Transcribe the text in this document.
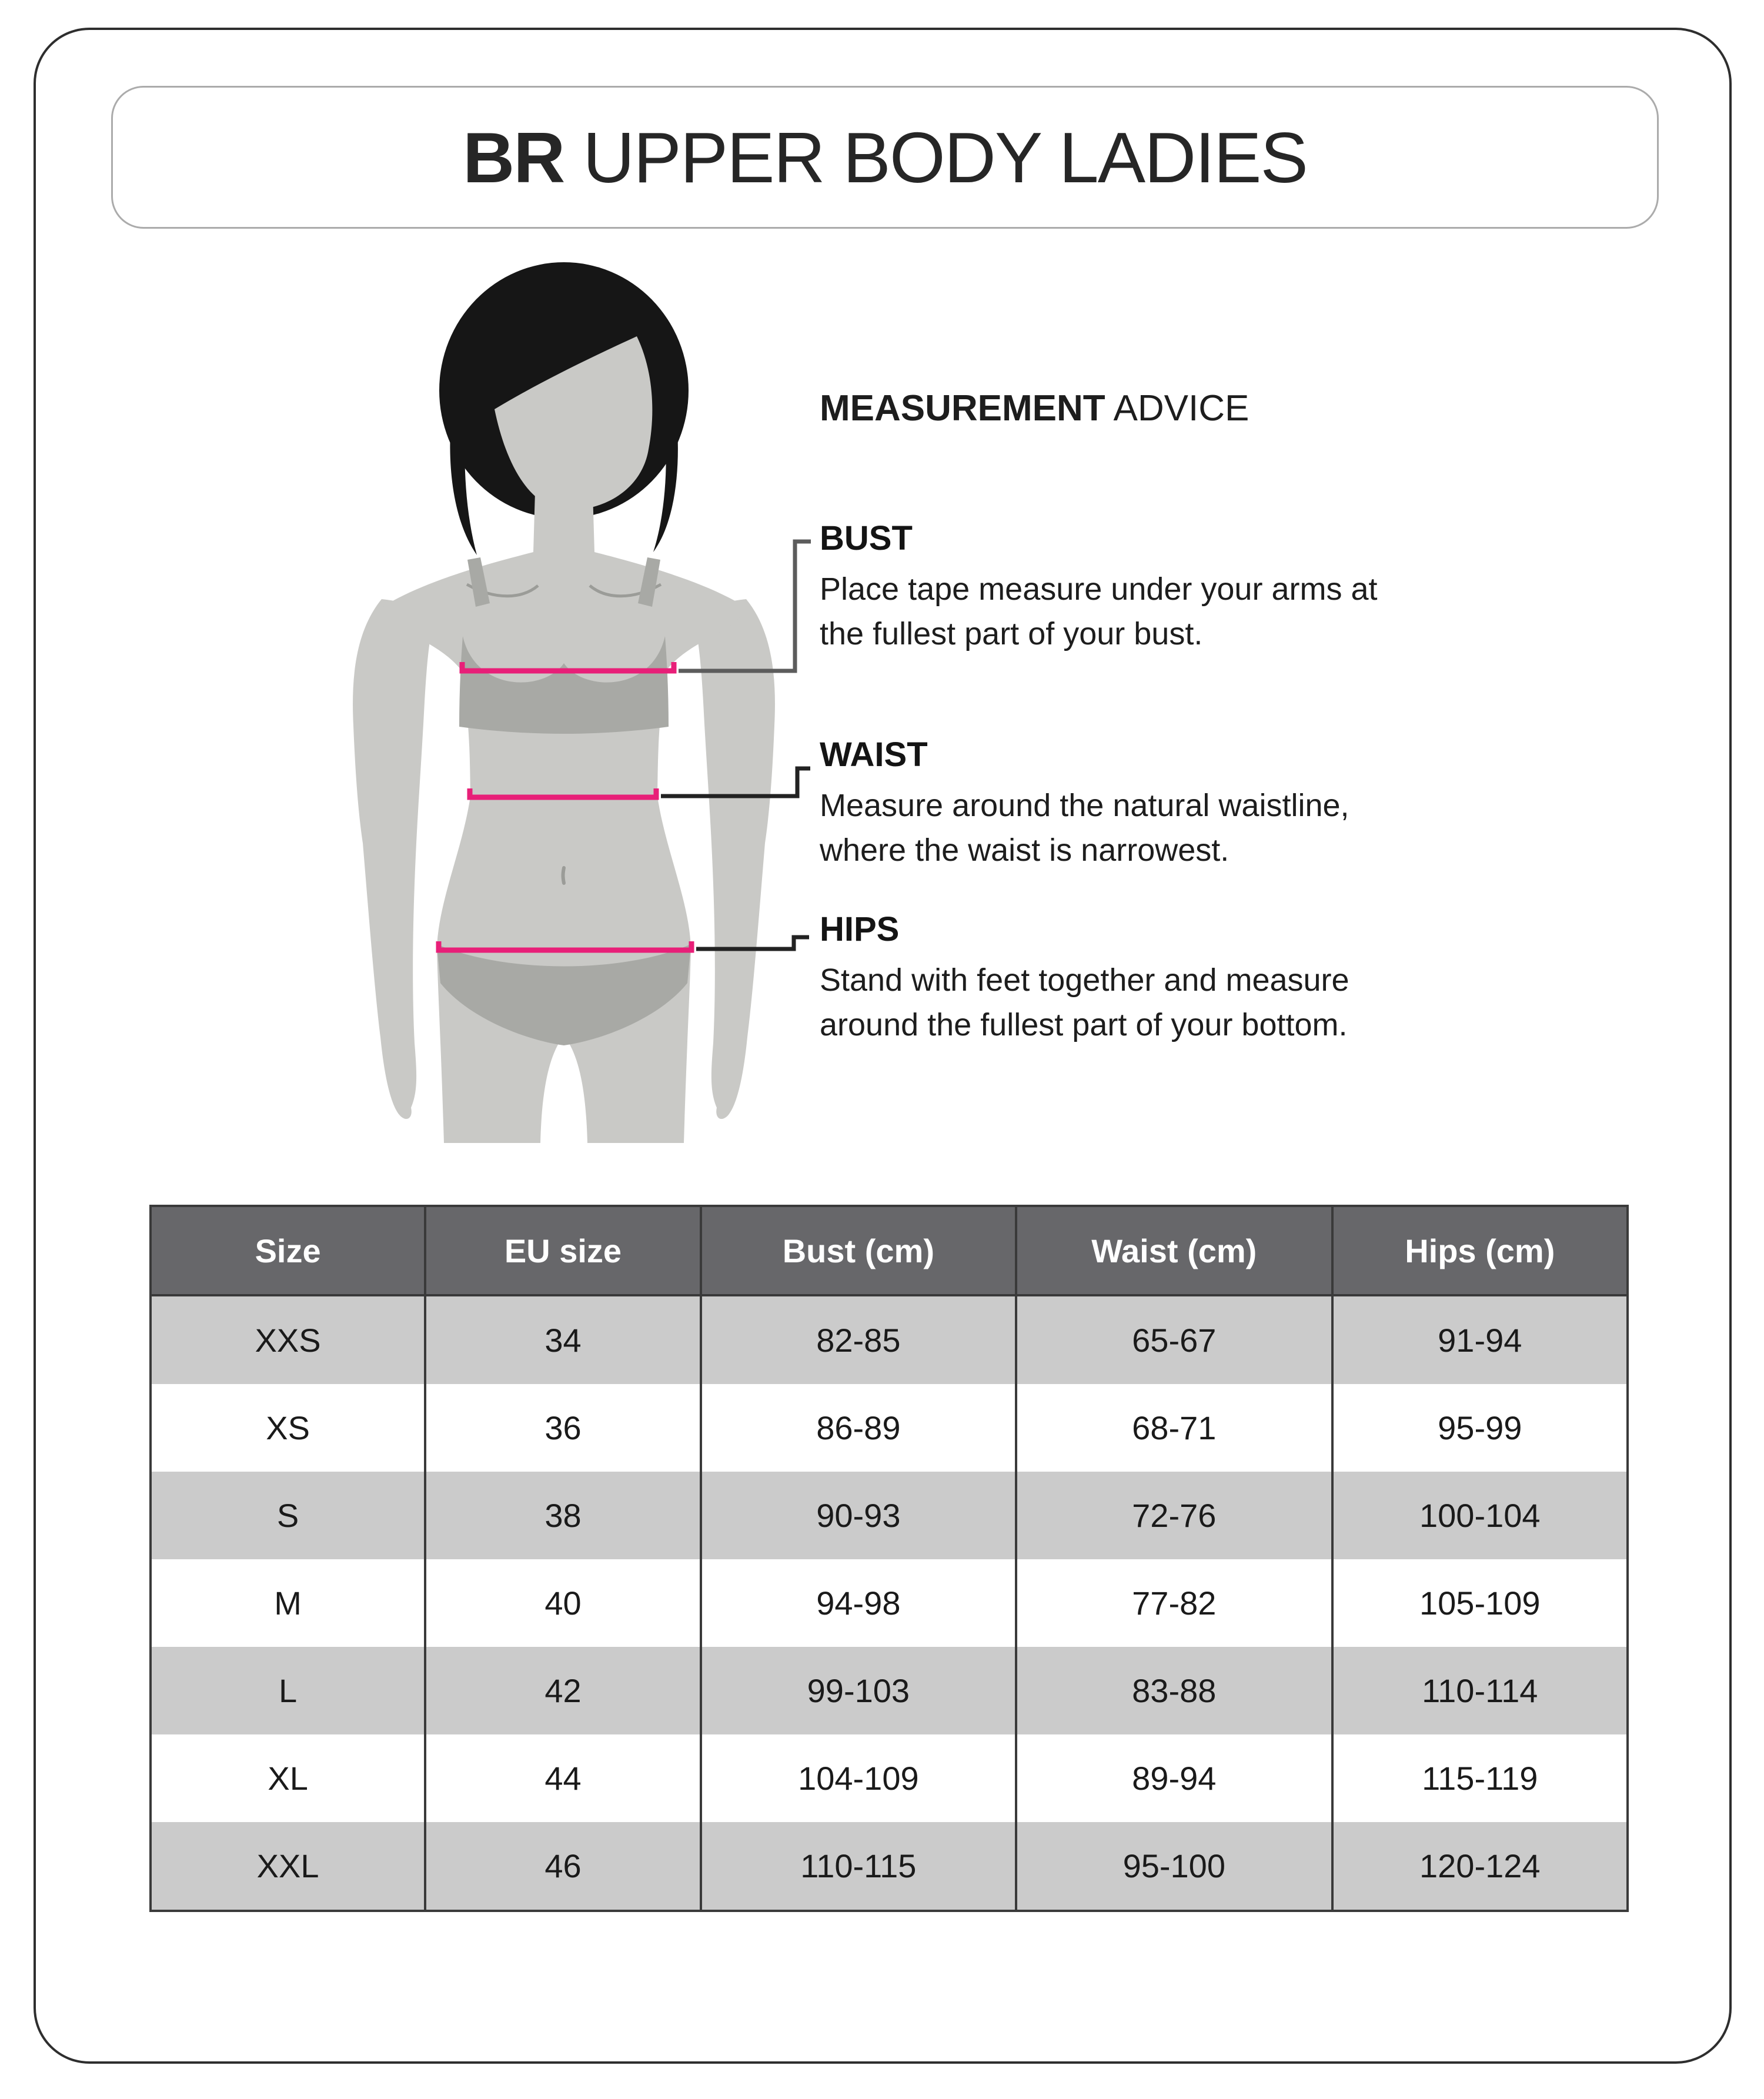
BR UPPER BODY LADIES
MEASUREMENT ADVICE
BUST
Place tape measure under your arms at
the fullest part of your bust.
WAIST
Measure around the natural waistline,
where the waist is narrowest.
HIPS
Stand with feet together and measure
around the fullest part of your bottom.
Size	EU size	Bust (cm)	Waist (cm)	Hips (cm)
XXS	34	82-85	65-67	91-94
XS	36	86-89	68-71	95-99
S	38	90-93	72-76	100-104
M	40	94-98	77-82	105-109
L	42	99-103	83-88	110-114
XL	44	104-109	89-94	115-119
XXL	46	110-115	95-100	120-124
